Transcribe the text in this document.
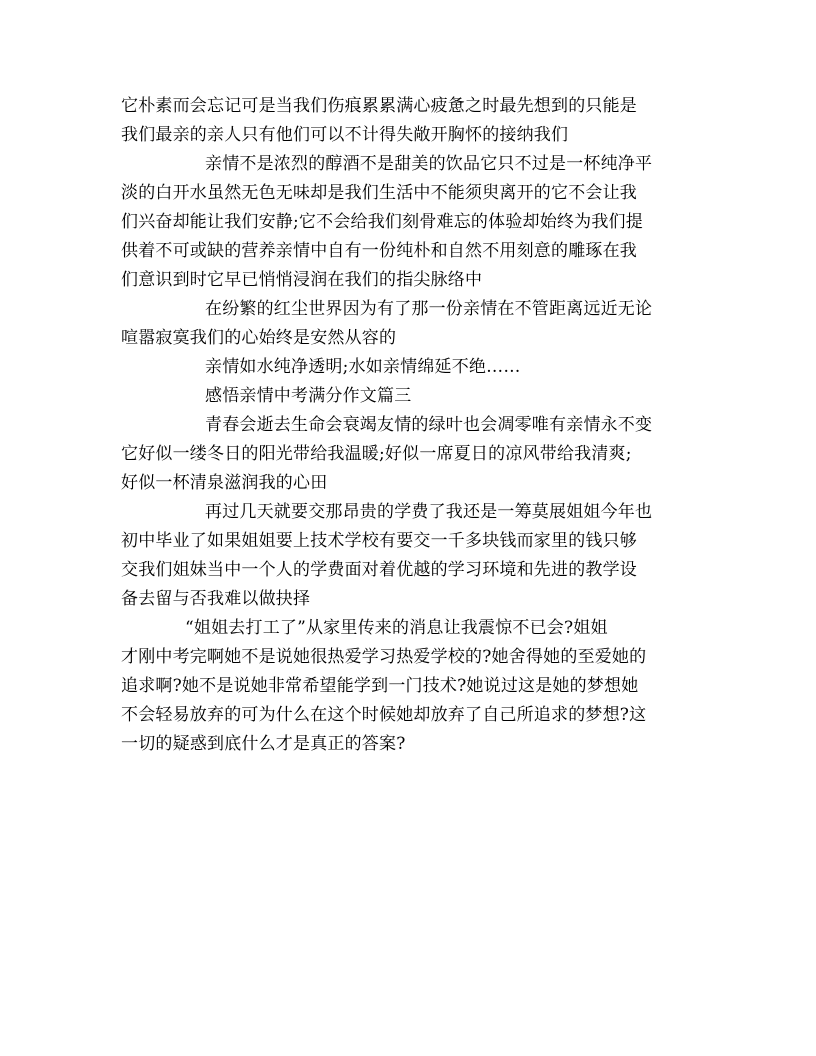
它朴素而会忘记可是当我们伤痕累累满心疲惫之时最先想到的只能是
我们最亲的亲人只有他们可以不计得失敞开胸怀的接纳我们
亲情不是浓烈的醇酒不是甜美的饮品它只不过是一杯纯净平
淡的白开水虽然无色无味却是我们生活中不能须臾离开的它不会让我
们兴奋却能让我们安静;它不会给我们刻骨难忘的体验却始终为我们提
供着不可或缺的营养亲情中自有一份纯朴和自然不用刻意的雕琢在我
们意识到时它早已悄悄浸润在我们的指尖脉络中
在纷繁的红尘世界因为有了那一份亲情在不管距离远近无论
喧嚣寂寞我们的心始终是安然从容的
亲情如水纯净透明;水如亲情绵延不绝……
感悟亲情中考满分作文篇三
青春会逝去生命会衰竭友情的绿叶也会凋零唯有亲情永不变
它好似一缕冬日的阳光带给我温暖;好似一席夏日的凉风带给我清爽;
好似一杯清泉滋润我的心田
再过几天就要交那昂贵的学费了我还是一筹莫展姐姐今年也
初中毕业了如果姐姐要上技术学校有要交一千多块钱而家里的钱只够
交我们姐妹当中一个人的学费面对着优越的学习环境和先进的教学设
备去留与否我难以做抉择
“姐姐去打工了”从家里传来的消息让我震惊不已会?姐姐
才刚中考完啊她不是说她很热爱学习热爱学校的?她舍得她的至爱她的
追求啊?她不是说她非常希望能学到一门技术?她说过这是她的梦想她
不会轻易放弃的可为什么在这个时候她却放弃了自己所追求的梦想?这
一切的疑惑到底什么才是真正的答案?
